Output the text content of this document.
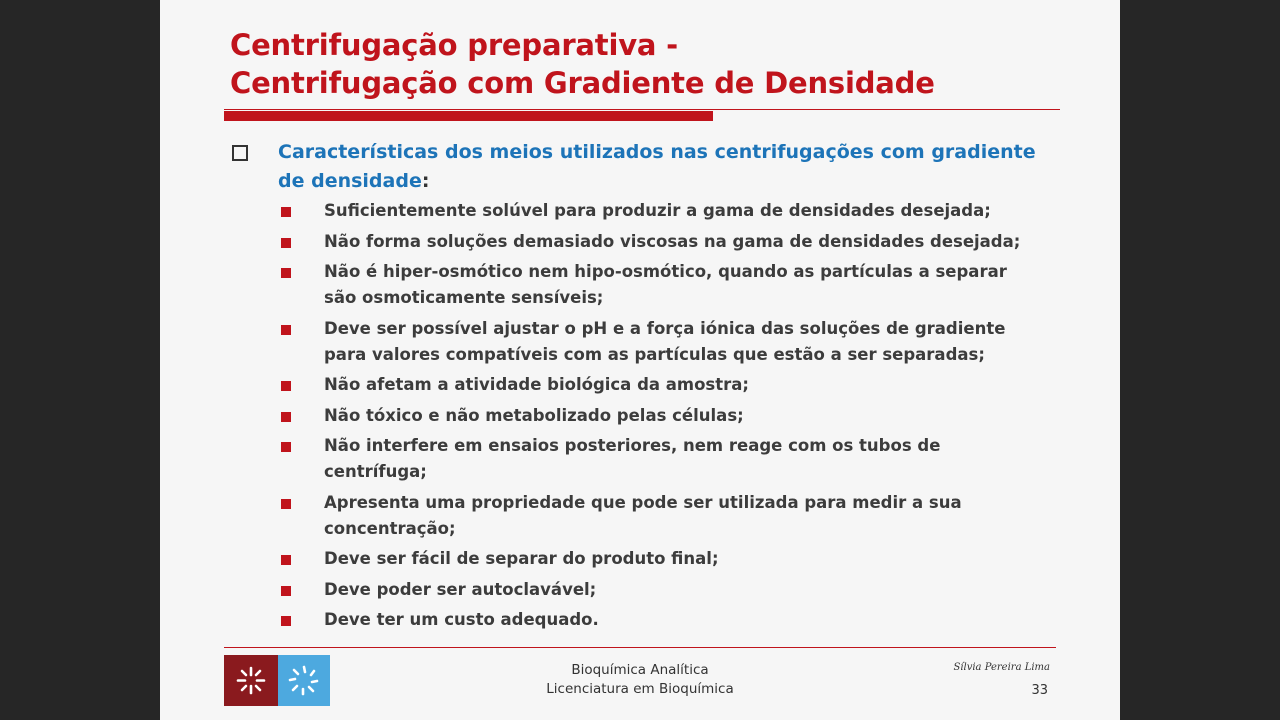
Centrifugação preparativa -
Centrifugação com Gradiente de Densidade

Características dos meios utilizados nas centrifugações com gradiente de densidade:

Suficientemente solúvel para produzir a gama de densidades desejada;
Não forma soluções demasiado viscosas na gama de densidades desejada;
Não é hiper-osmótico nem hipo-osmótico, quando as partículas a separar são osmoticamente sensíveis;
Deve ser possível ajustar o pH e a força iónica das soluções de gradiente para valores compatíveis com as partículas que estão a ser separadas;
Não afetam a atividade biológica da amostra;
Não tóxico e não metabolizado pelas células;
Não interfere em ensaios posteriores, nem reage com os tubos de centrífuga;
Apresenta uma propriedade que pode ser utilizada para medir a sua concentração;
Deve ser fácil de separar do produto final;
Deve poder ser autoclavável;
Deve ter um custo adequado.
Bioquímica Analítica
Licenciatura em Bioquímica
Sílvia Pereira Lima
33
